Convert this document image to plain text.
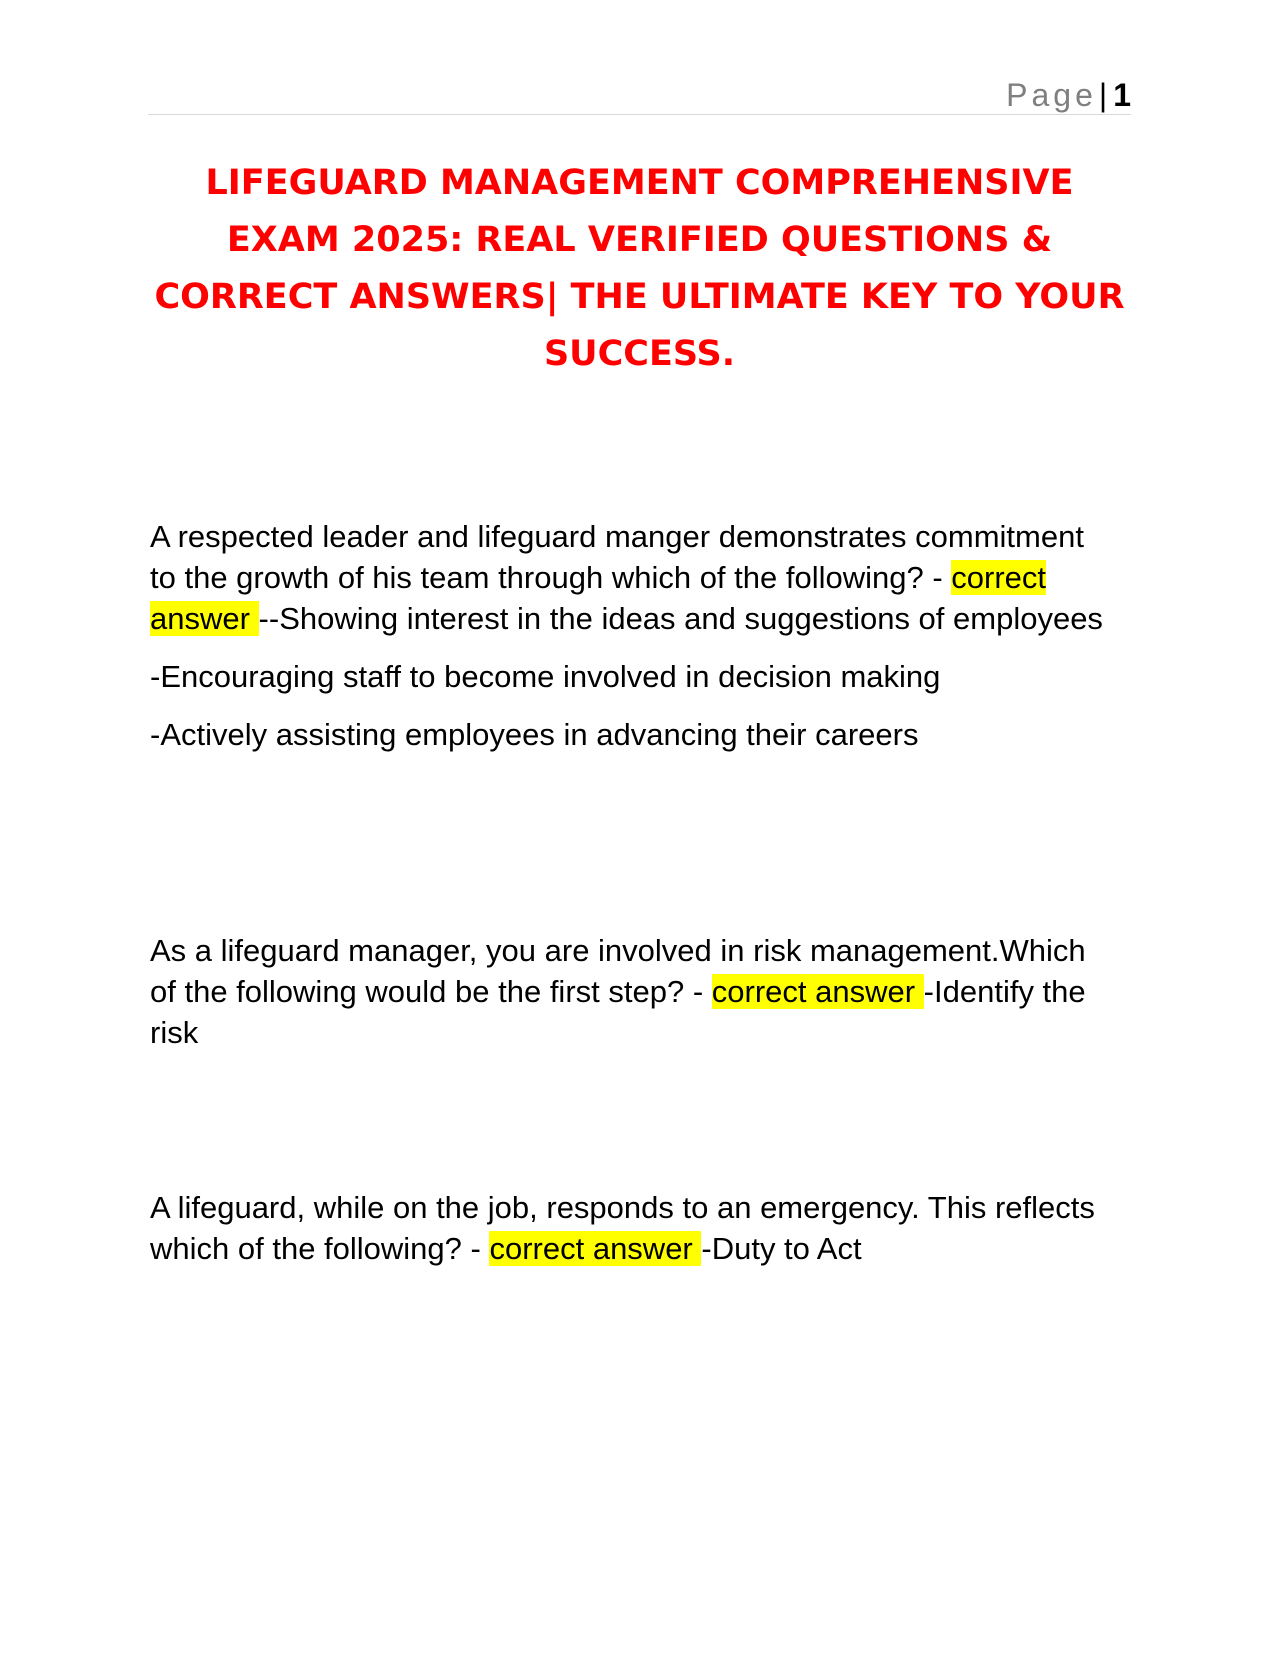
Page| 1
LIFEGUARD MANAGEMENT COMPREHENSIVE EXAM 2025: REAL VERIFIED QUESTIONS & CORRECT ANSWERS| THE ULTIMATE KEY TO YOUR SUCCESS.

A respected leader and lifeguard manger demonstrates commitment to the growth of his team through which of the following? - correct answer --Showing interest in the ideas and suggestions of employees

-Encouraging staff to become involved in decision making

-Actively assisting employees in advancing their careers

As a lifeguard manager, you are involved in risk management.Which of the following would be the first step? - correct answer -Identify the risk

A lifeguard, while on the job, responds to an emergency. This reflects which of the following? - correct answer -Duty to Act
